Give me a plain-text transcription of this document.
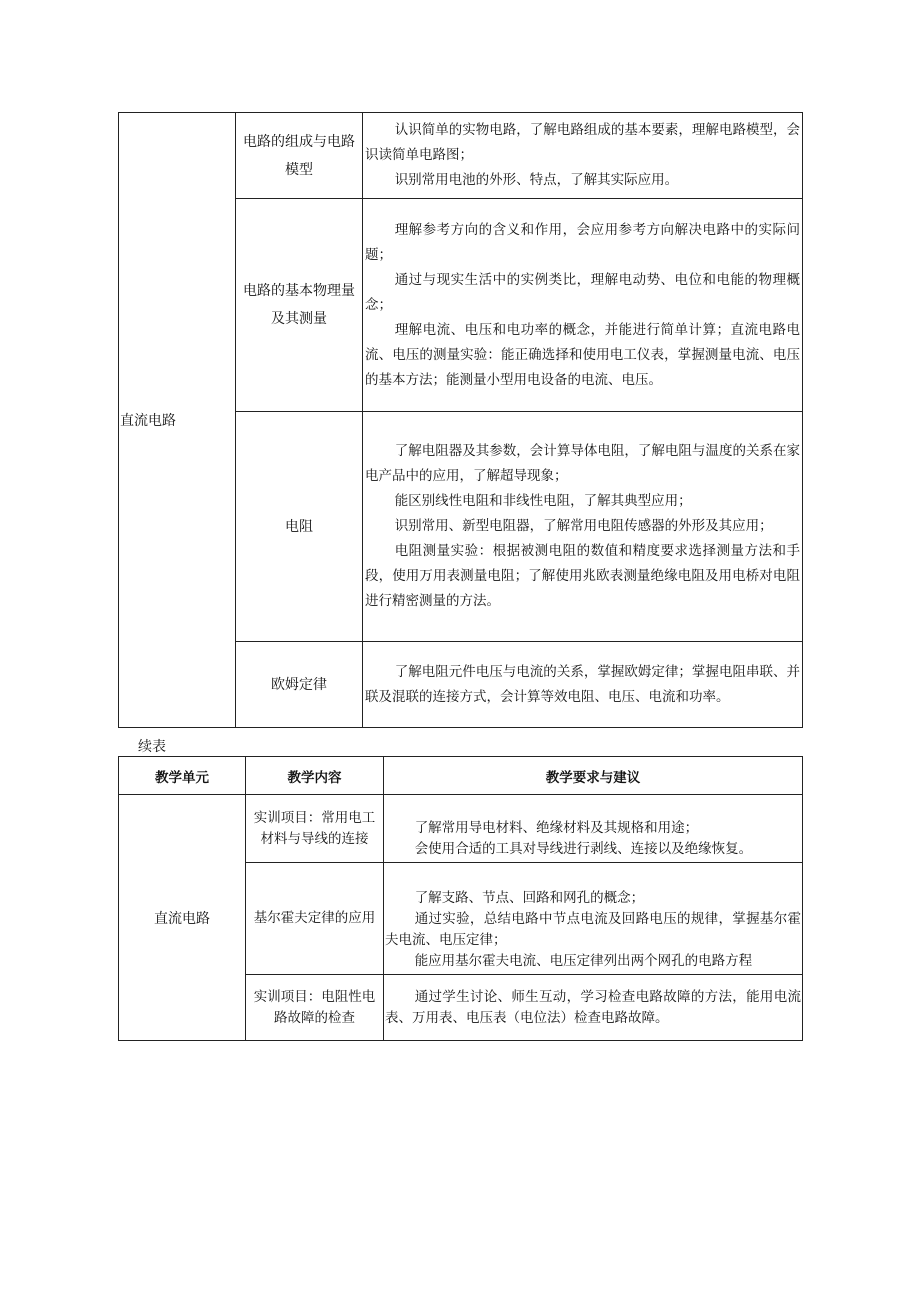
直流电路	电路的组成与电路模型	认识简单的实物电路，了解电路组成的基本要素，理解电路模型，会识读简单电路图；

识别常用电池的外形、特点，了解其实际应用。

	电路的基本物理量及其测量	理解参考方向的含义和作用，会应用参考方向解决电路中的实际问题；

通过与现实生活中的实例类比，理解电动势、电位和电能的物理概念；

理解电流、电压和电功率的概念，并能进行简单计算；直流电路电流、电压的测量实验：能正确选择和使用电工仪表，掌握测量电流、电压的基本方法；能测量小型用电设备的电流、电压。

	电阻	了解电阻器及其参数，会计算导体电阻，了解电阻与温度的关系在家电产品中的应用，了解超导现象；

能区别线性电阻和非线性电阻，了解其典型应用；

识别常用、新型电阻器，了解常用电阻传感器的外形及其应用；

电阻测量实验：根据被测电阻的数值和精度要求选择测量方法和手段，使用万用表测量电阻；了解使用兆欧表测量绝缘电阻及用电桥对电阻进行精密测量的方法。

	欧姆定律	了解电阻元件电压与电流的关系，掌握欧姆定律；掌握电阻串联、并联及混联的连接方式，会计算等效电阻、电压、电流和功率。

续表
教学单元	教学内容	教学要求与建议
直流电路	实训项目：常用电工材料与导线的连接	了解常用导电材料、绝缘材料及其规格和用途；

会使用合适的工具对导线进行剥线、连接以及绝缘恢复。

	基尔霍夫定律的应用	了解支路、节点、回路和网孔的概念；

通过实验，总结电路中节点电流及回路电压的规律，掌握基尔霍夫电流、电压定律；

能应用基尔霍夫电流、电压定律列出两个网孔的电路方程

	实训项目：电阻性电路故障的检查	通过学生讨论、师生互动，学习检查电路故障的方法，能用电流表、万用表、电压表（电位法）检查电路故障。
